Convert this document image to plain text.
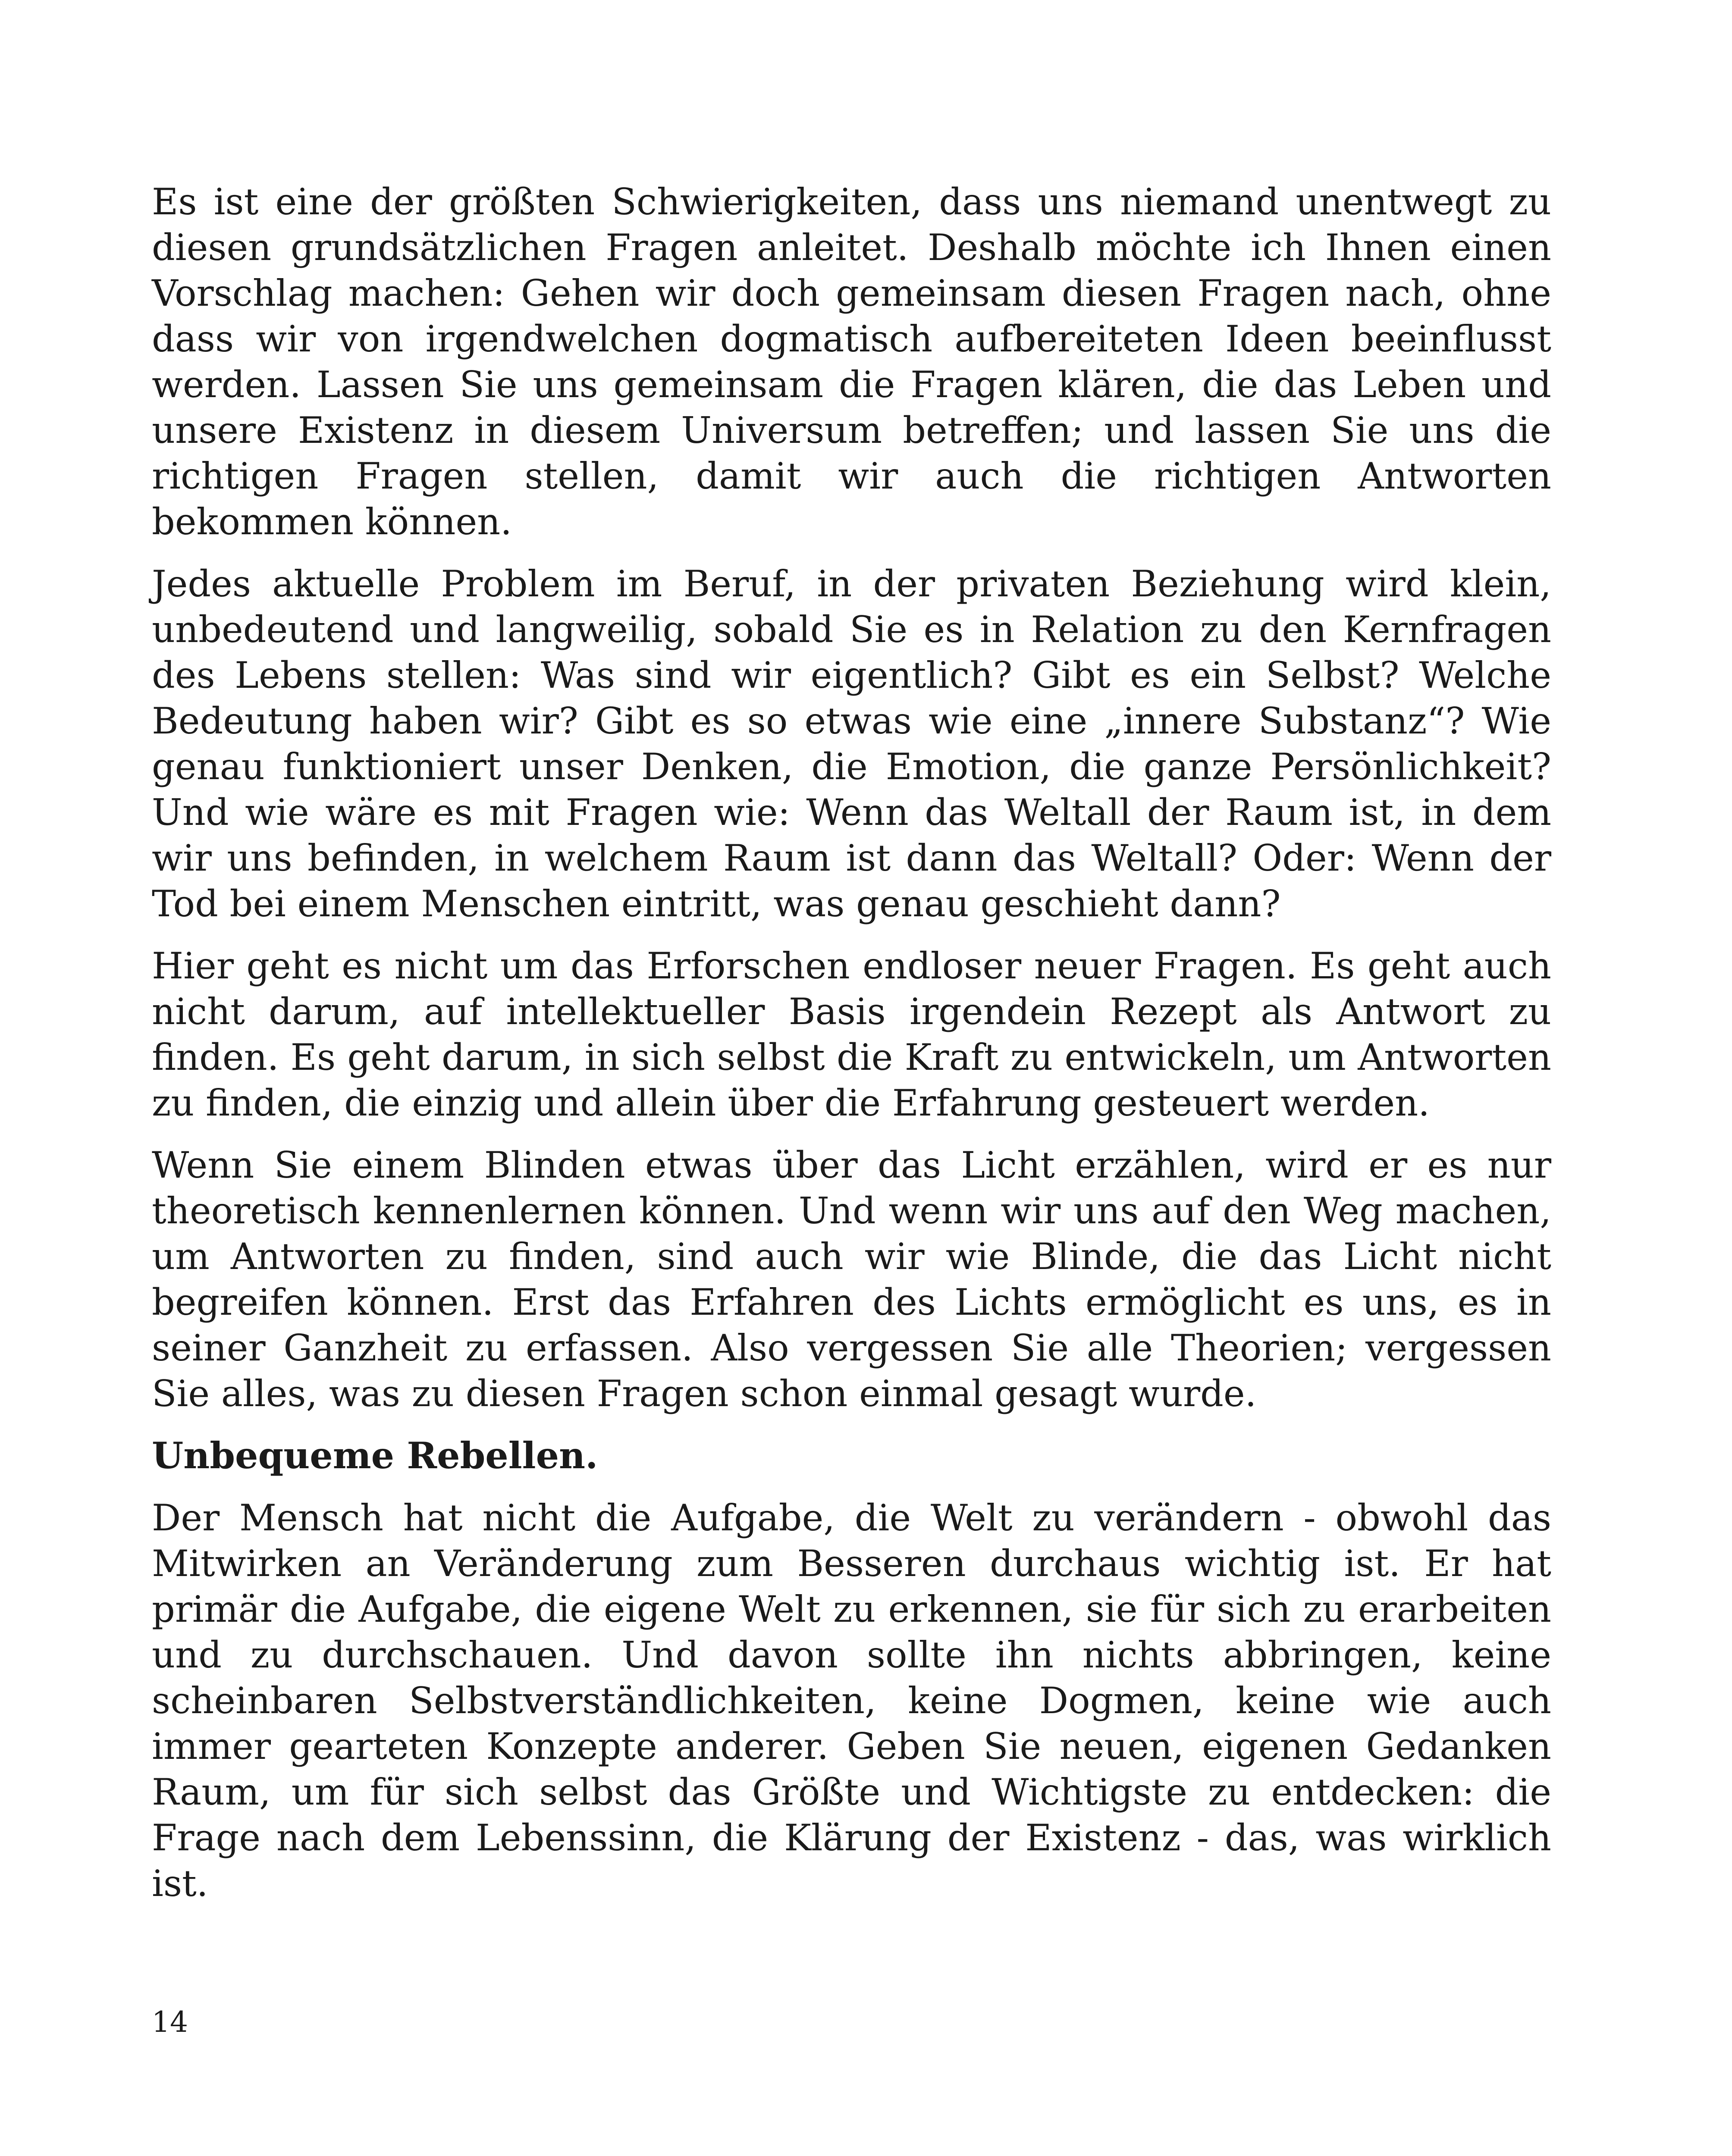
Es ist eine der größten Schwierigkeiten, dass uns niemand unentwegt zu diesen grundsätzlichen Fragen anleitet. Deshalb möchte ich Ihnen einen Vorschlag machen: Gehen wir doch gemeinsam diesen Fragen nach, ohne dass wir von irgendwelchen dogmatisch aufbereiteten Ideen beeinflusst werden. Lassen Sie uns gemeinsam die Fragen klären, die das Leben und unsere Existenz in diesem Universum betreffen; und lassen Sie uns die richtigen Fragen stellen, damit wir auch die richtigen Antworten bekommen können.

Jedes aktuelle Problem im Beruf, in der privaten Beziehung wird klein, unbedeutend und langweilig, sobald Sie es in Relation zu den Kernfragen des Lebens stellen: Was sind wir eigentlich? Gibt es ein Selbst? Welche Bedeutung haben wir? Gibt es so etwas wie eine „innere Substanz“? Wie genau funktioniert unser Denken, die Emotion, die ganze Persönlichkeit? Und wie wäre es mit Fragen wie: Wenn das Weltall der Raum ist, in dem wir uns befinden, in welchem Raum ist dann das Weltall? Oder: Wenn der Tod bei einem Menschen eintritt, was genau geschieht dann?

Hier geht es nicht um das Erforschen endloser neuer Fragen. Es geht auch nicht darum, auf intellektueller Basis irgendein Rezept als Antwort zu finden. Es geht darum, in sich selbst die Kraft zu entwickeln, um Antworten zu finden, die einzig und allein über die Erfahrung gesteuert werden.

Wenn Sie einem Blinden etwas über das Licht erzählen, wird er es nur theoretisch kennenlernen können. Und wenn wir uns auf den Weg machen, um Antworten zu finden, sind auch wir wie Blinde, die das Licht nicht begreifen können. Erst das Erfahren des Lichts ermöglicht es uns, es in seiner Ganzheit zu erfassen. Also vergessen Sie alle Theorien; vergessen Sie alles, was zu diesen Fragen schon einmal gesagt wurde.

Unbequeme Rebellen.

Der Mensch hat nicht die Aufgabe, die Welt zu verändern - obwohl das Mitwirken an Veränderung zum Besseren durchaus wichtig ist. Er hat primär die Aufgabe, die eigene Welt zu erkennen, sie für sich zu erarbeiten und zu durchschauen. Und davon sollte ihn nichts abbringen, keine scheinbaren Selbstverständlichkeiten, keine Dogmen, keine wie auch immer gearteten Konzepte anderer. Geben Sie neuen, eigenen Gedanken Raum, um für sich selbst das Größte und Wichtigste zu entdecken: die Frage nach dem Lebenssinn, die Klärung der Existenz - das, was wirklich ist.

14
